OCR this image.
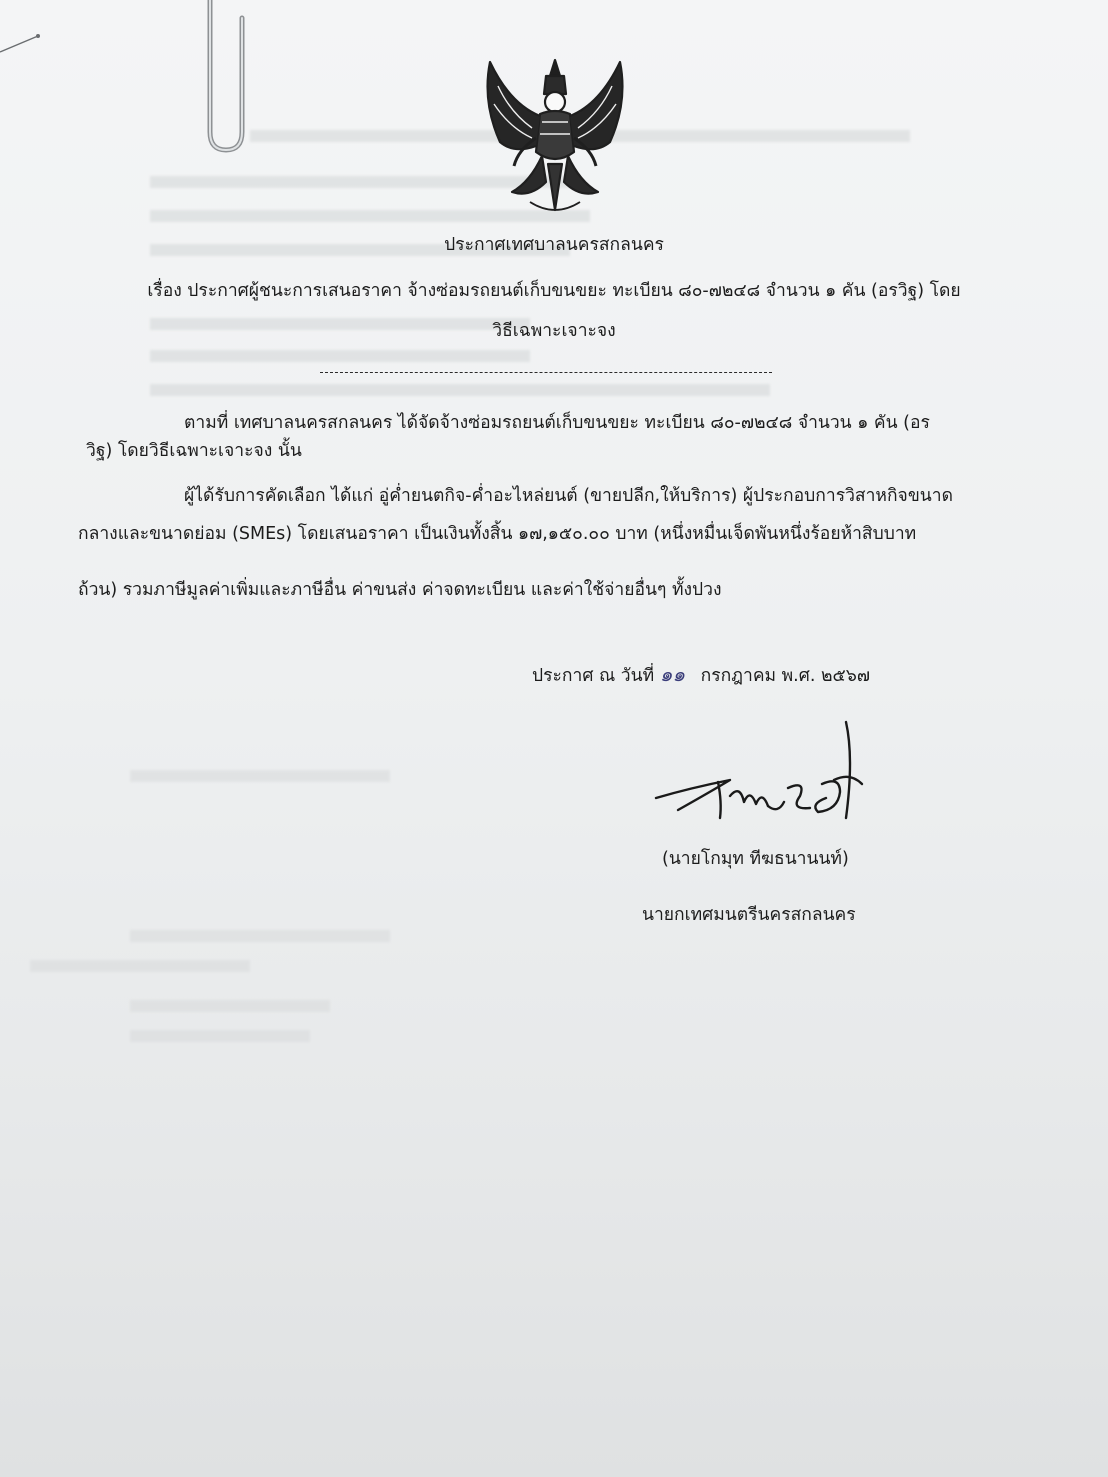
ประกาศเทศบาลนครสกลนคร
เรื่อง ประกาศผู้ชนะการเสนอราคา จ้างซ่อมรถยนต์เก็บขนขยะ ทะเบียน ๘๐-๗๒๔๘ จำนวน ๑ คัน (อรวิฐ) โดย
วิธีเฉพาะเจาะจง
ตามที่ เทศบาลนครสกลนคร ได้จัดจ้างซ่อมรถยนต์เก็บขนขยะ ทะเบียน ๘๐-๗๒๔๘ จำนวน ๑ คัน (อร
วิฐ) โดยวิธีเฉพาะเจาะจง นั้น
ผู้ได้รับการคัดเลือก ได้แก่ อู่ค่ำยนตกิจ-ค่ำอะไหล่ยนต์ (ขายปลีก,ให้บริการ) ผู้ประกอบการวิสาหกิจขนาด
กลางและขนาดย่อม (SMEs) โดยเสนอราคา เป็นเงินทั้งสิ้น ๑๗,๑๕๐.๐๐ บาท (หนึ่งหมื่นเจ็ดพันหนึ่งร้อยห้าสิบบาท
ถ้วน) รวมภาษีมูลค่าเพิ่มและภาษีอื่น ค่าขนส่ง ค่าจดทะเบียน และค่าใช้จ่ายอื่นๆ ทั้งปวง
ประกาศ ณ วันที่ ๑๑ กรกฎาคม พ.ศ. ๒๕๖๗
(นายโกมุท ทีฆธนานนท์)
นายกเทศมนตรีนครสกลนคร
